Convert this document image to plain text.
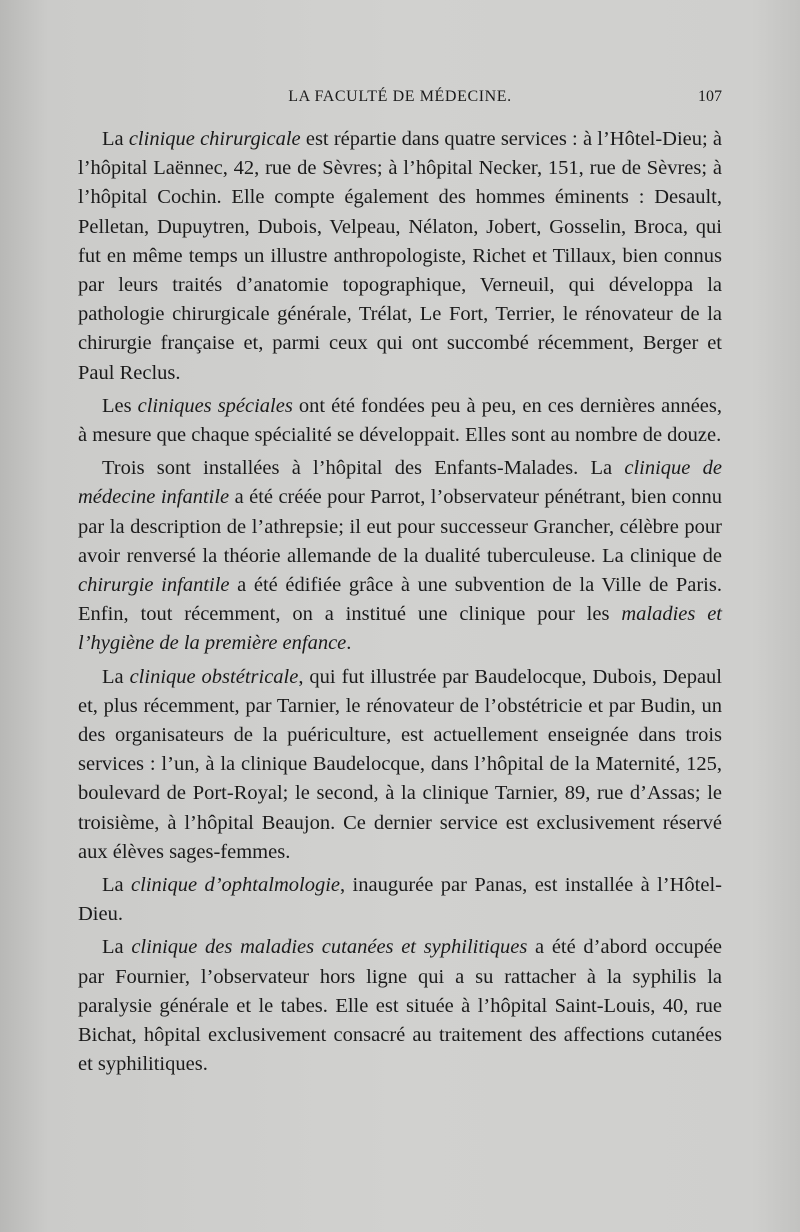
LA FACULTÉ DE MÉDECINE.	107

La clinique chirurgicale est répartie dans quatre services : à l’Hôtel-Dieu; à l’hôpital Laënnec, 42, rue de Sèvres; à l’hôpital Necker, 151, rue de Sèvres; à l’hôpital Cochin. Elle compte également des hommes éminents : Desault, Pelletan, Dupuytren, Dubois, Velpeau, Nélaton, Jobert, Gosselin, Broca, qui fut en même temps un illustre anthropologiste, Richet et Tillaux, bien connus par leurs traités d’anatomie topographique, Verneuil, qui développa la pathologie chirurgicale générale, Trélat, Le Fort, Terrier, le rénovateur de la chirurgie française et, parmi ceux qui ont succombé récemment, Berger et Paul Reclus.

Les cliniques spéciales ont été fondées peu à peu, en ces dernières années, à mesure que chaque spécialité se développait. Elles sont au nombre de douze.

Trois sont installées à l’hôpital des Enfants-Malades. La clinique de médecine infantile a été créée pour Parrot, l’observateur pénétrant, bien connu par la description de l’athrepsie; il eut pour successeur Grancher, célèbre pour avoir renversé la théorie allemande de la dualité tuberculeuse. La clinique de chirurgie infantile a été édifiée grâce à une subvention de la Ville de Paris. Enfin, tout récemment, on a institué une clinique pour les maladies et l’hygiène de la première enfance.

La clinique obstétricale, qui fut illustrée par Baudelocque, Dubois, Depaul et, plus récemment, par Tarnier, le rénovateur de l’obstétricie et par Budin, un des organisateurs de la puériculture, est actuellement enseignée dans trois services : l’un, à la clinique Baudelocque, dans l’hôpital de la Maternité, 125, boulevard de Port-Royal; le second, à la clinique Tarnier, 89, rue d’Assas; le troisième, à l’hôpital Beaujon. Ce dernier service est exclusivement réservé aux élèves sages-femmes.

La clinique d’ophtalmologie, inaugurée par Panas, est installée à l’Hôtel-Dieu.

La clinique des maladies cutanées et syphilitiques a été d’abord occupée par Fournier, l’observateur hors ligne qui a su rattacher à la syphilis la paralysie générale et le tabes. Elle est située à l’hôpital Saint-Louis, 40, rue Bichat, hôpital exclusivement consacré au traitement des affections cutanées et syphilitiques.
